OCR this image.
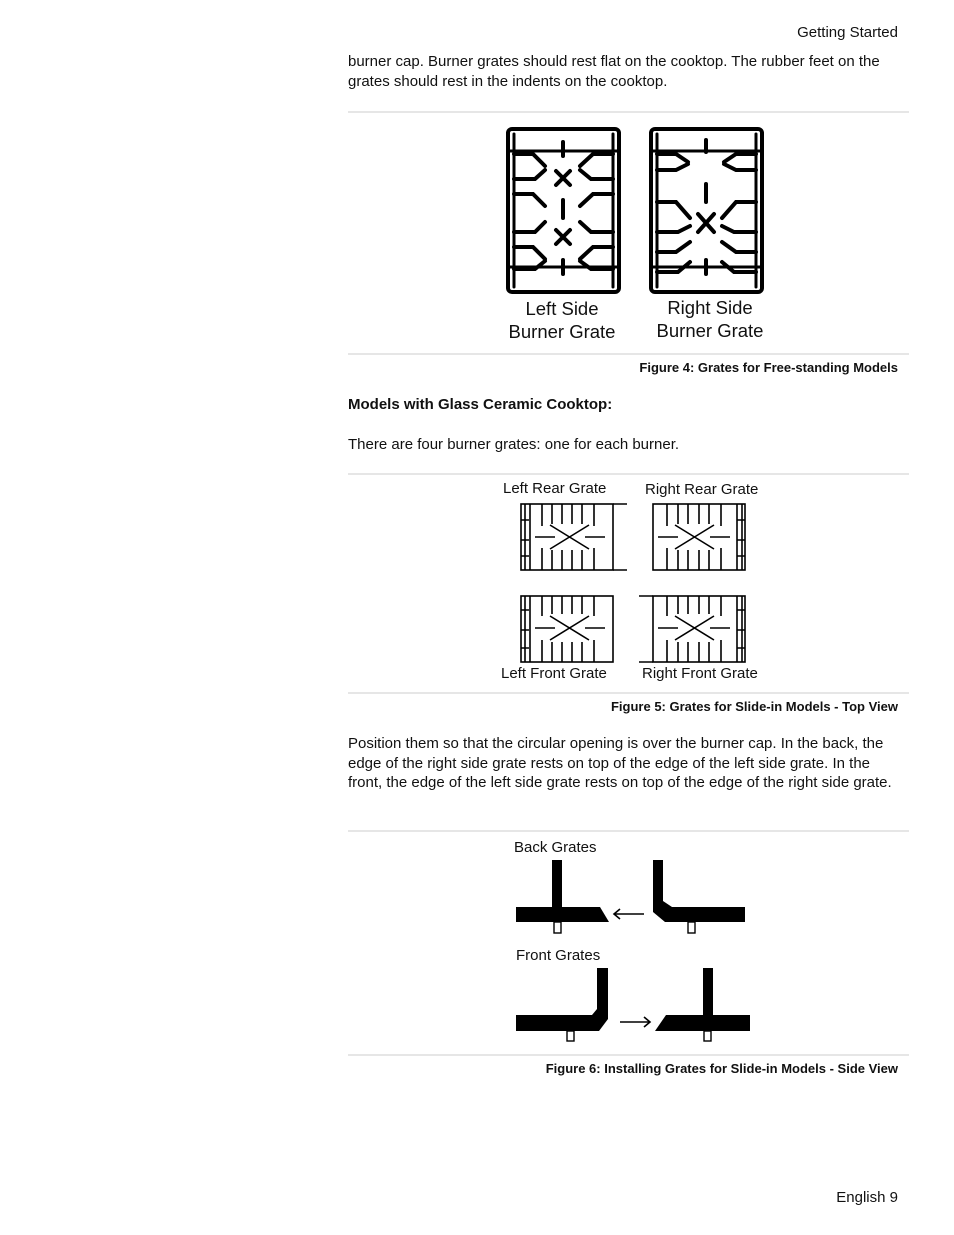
Getting Started
burner cap. Burner grates should rest flat on the cooktop. The rubber feet on the grates should rest in the indents on the cooktop.
Left Side
Burner Grate
Right Side
Burner Grate
Figure 4: Grates for Free-standing Models
Models with Glass Ceramic Cooktop:
There are four burner grates: one for each burner.
Left Rear Grate	Right Rear Grate
Left Front Grate Right Front Grate
Figure 5: Grates for Slide-in Models - Top View
Position them so that the circular opening is over the burner cap. In the back, the edge of the right side grate rests on top of the edge of the left side grate. In the front, the edge of the left side grate rests on top of the edge of the right side grate.
Back Grates
Front Grates
Figure 6: Installing Grates for Slide-in Models - Side View
English 9
